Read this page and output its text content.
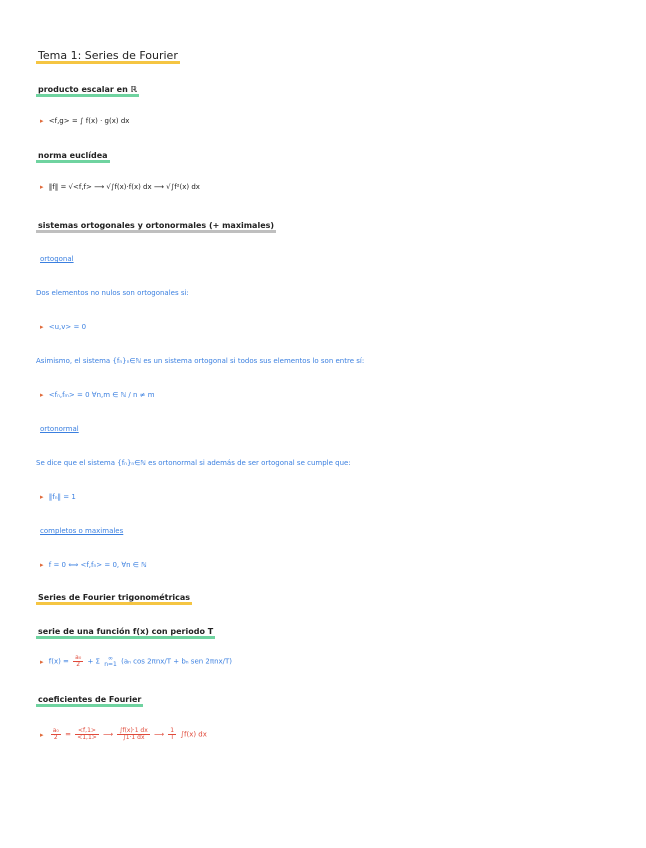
Tema 1: Series de Fourier
producto escalar en ℝ
▸ <f,g> = ∫ f(x) · g(x) dx
norma euclídea
▸ ‖f‖ = √<f,f> ⟶ √∫f(x)·f(x) dx ⟶ √∫f²(x) dx
sistemas ortogonales y ortonormales (+ maximales)
ortogonal
Dos elementos no nulos son ortogonales si:
▸ <u,v> = 0
Asimismo, el sistema {fₙ}ₙ∈ℕ es un sistema ortogonal si todos sus elementos lo son entre sí:
▸ <fₙ,fₘ> = 0 ∀n,m ∈ ℕ / n ≠ m
ortonormal
Se dice que el sistema {fₙ}ₙ∈ℕ es ortonormal si además de ser ortogonal se cumple que:
▸ ‖fₙ‖ = 1
completos o maximales
▸ f = 0 ⟺ <f,fₙ> = 0, ∀n ∈ ℕ
Series de Fourier trigonométricas
serie de una función f(x) con periodo T
▸ $f(x) = \frac{\text{a₀}}{2} + \Sigma$	∞
n=1 (aₙ cos 2πnx/T + bₙ sen 2πnx/T)
coeficientes de Fourier
▸ $\frac{\text{a₀}}{2} = \frac{<f,1>}{<1,1>}$ ⟶ $\frac{\int f(x)\cdot 1 dx}{\int 1\cdot 1 dx}$ ⟶ $\frac{1}{T} \int f(x)$ dx
